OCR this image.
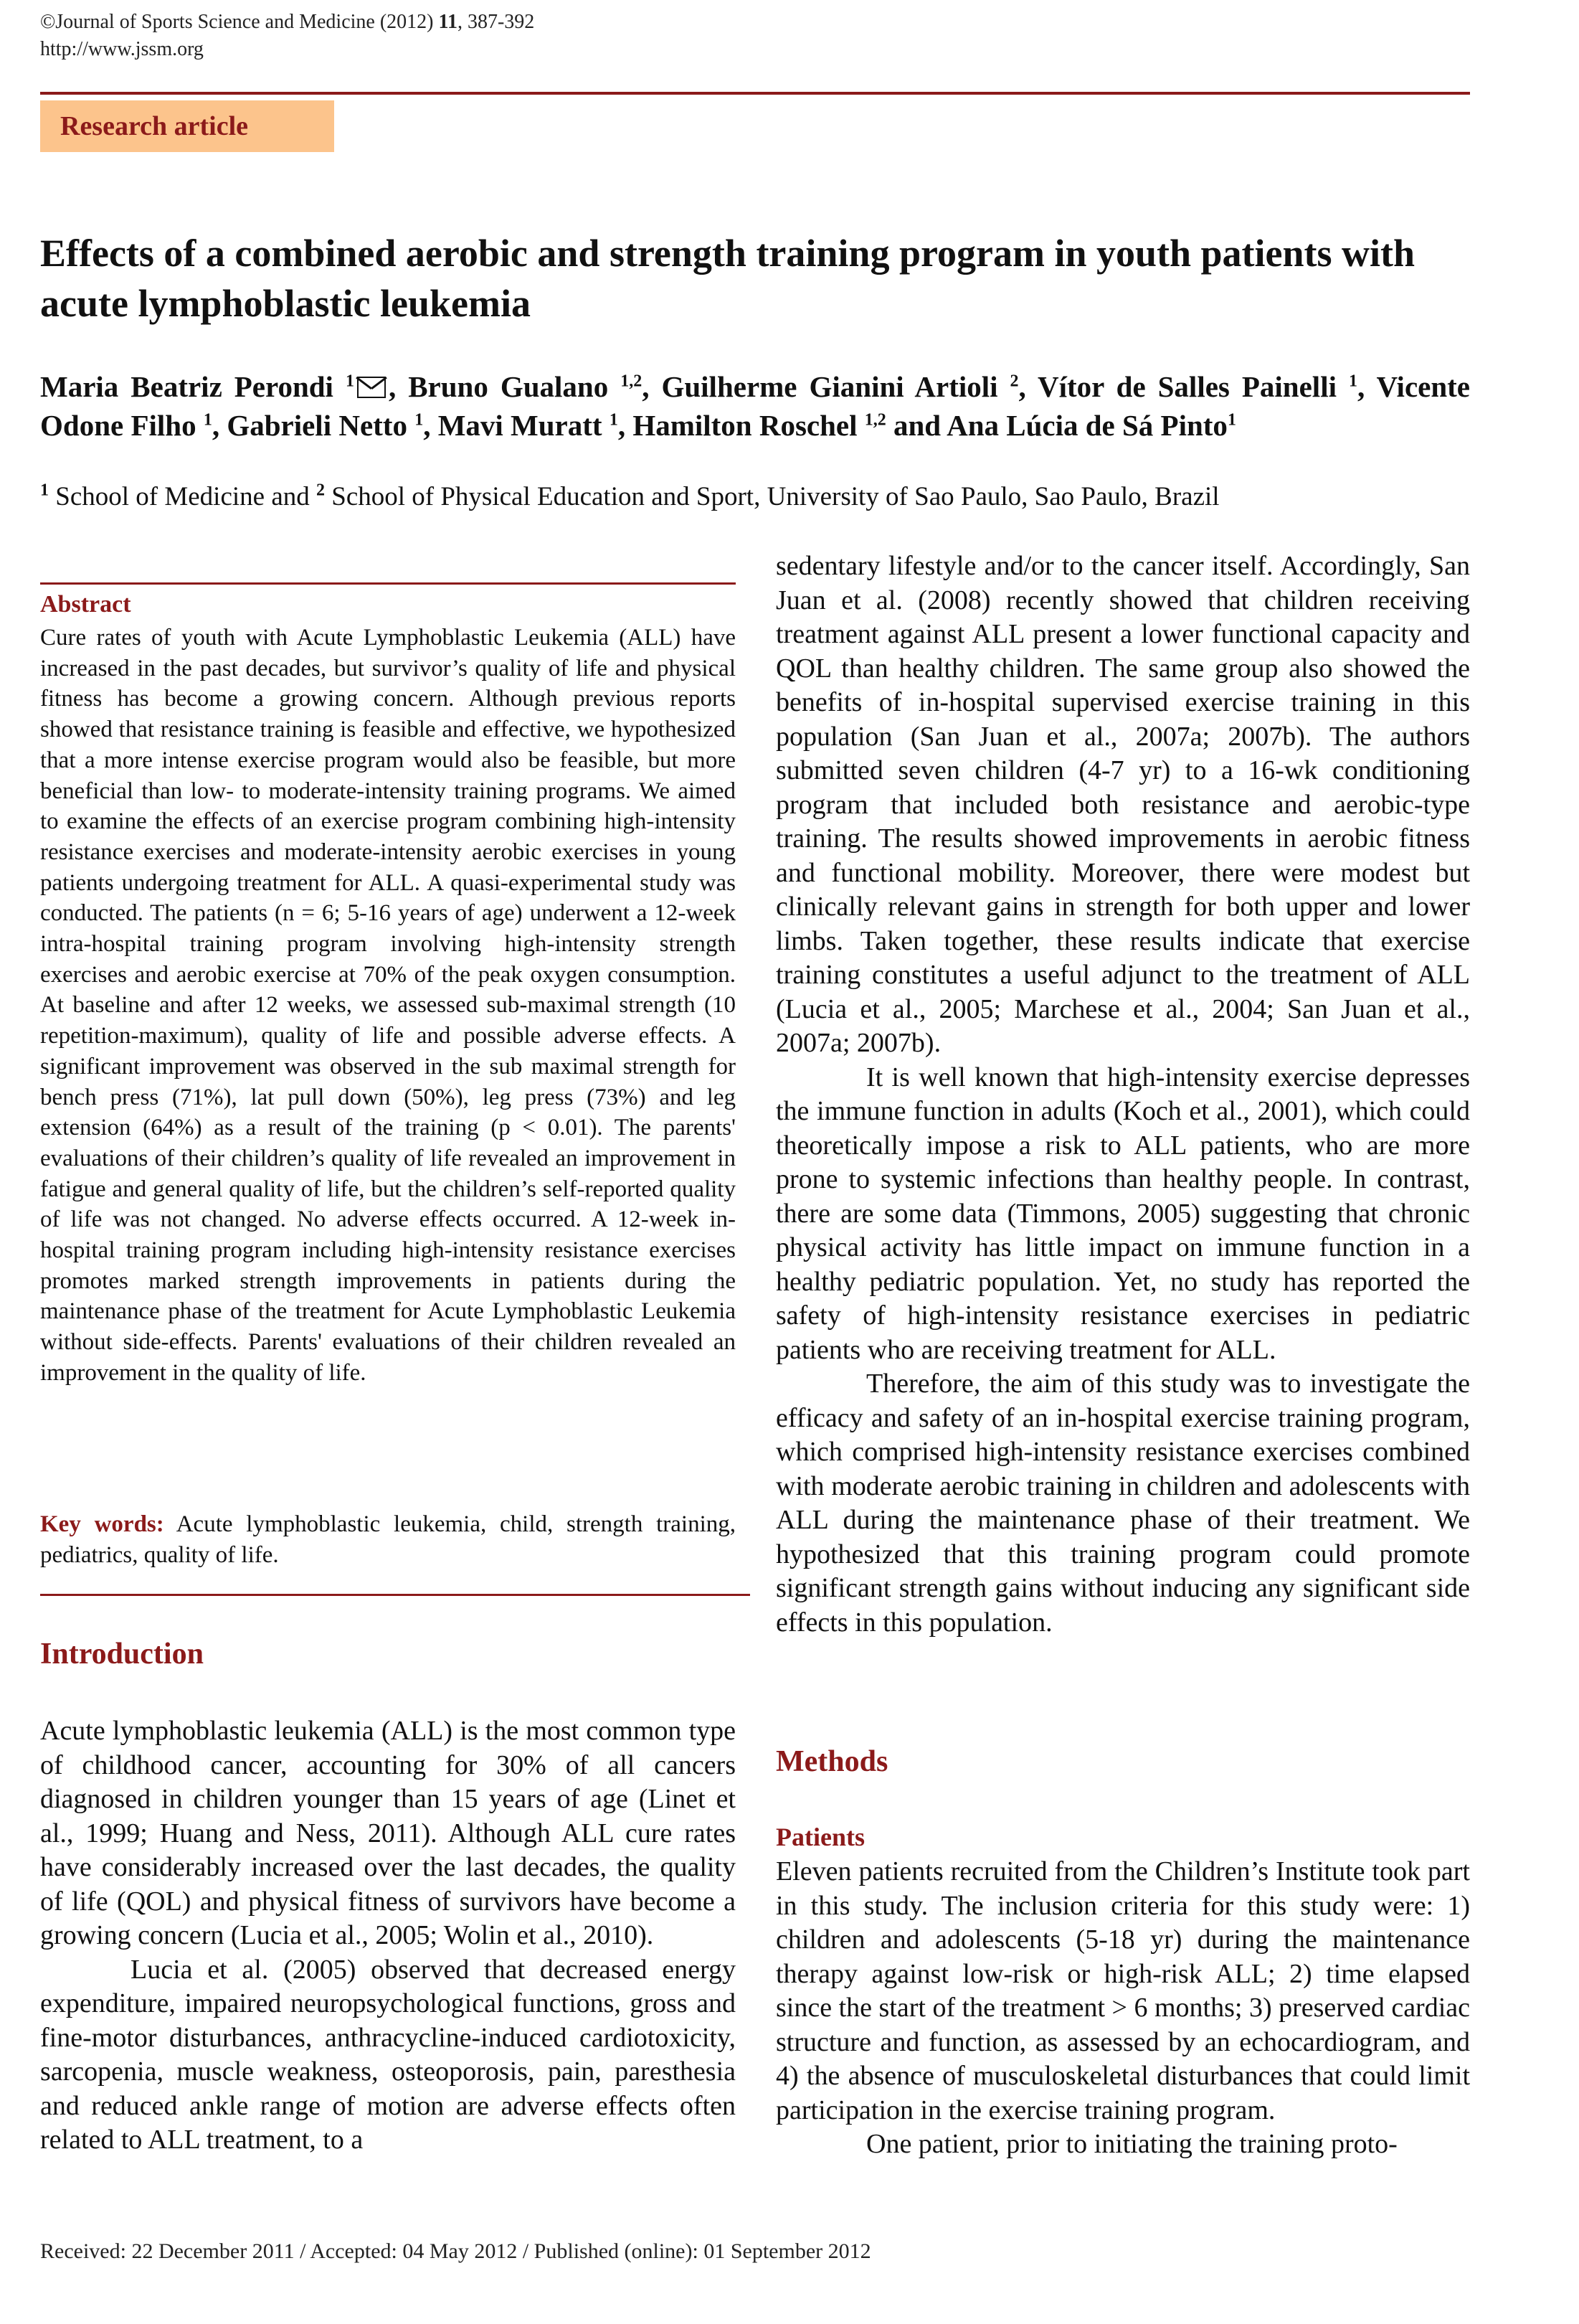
©Journal of Sports Science and Medicine (2012) 11, 387-392
http://www.jssm.org
Research article
Effects of a combined aerobic and strength training program in youth patients with acute lymphoblastic leukemia
Maria Beatriz Perondi $^1$ , Bruno Gualano $^{1,2}$, Guilherme Gianini Artioli $^2$, Vítor de Salles Painelli $^1$, Vicente Odone Filho $^1$, Gabrieli Netto $^1$, Mavi Muratt $^1$, Hamilton Roschel $^{1,2}$ and Ana Lúcia de Sá Pinto$^1$
$^1$ School of Medicine and $^2$ School of Physical Education and Sport, University of Sao Paulo, Sao Paulo, Brazil
Abstract
Cure rates of youth with Acute Lymphoblastic Leukemia (ALL) have increased in the past decades, but survivor’s quality of life and physical fitness has become a growing concern. Although previous reports showed that resistance training is feasible and effective, we hypothesized that a more intense exercise program would also be feasible, but more beneficial than low- to moderate-intensity training programs. We aimed to examine the effects of an exercise program combining high-intensity resistance exercises and moderate-intensity aerobic exercises in young patients undergoing treatment for ALL. A quasi-experimental study was conducted. The patients (n = 6; 5-16 years of age) underwent a 12-week intra-hospital training program involving high-intensity strength exercises and aerobic exercise at 70% of the peak oxygen consumption. At baseline and after 12 weeks, we assessed sub-maximal strength (10 repetition-maximum), quality of life and possible adverse effects. A significant improvement was observed in the sub maximal strength for bench press (71%), lat pull down (50%), leg press (73%) and leg extension (64%) as a result of the training (p < 0.01). The parents' evaluations of their children’s quality of life revealed an improvement in fatigue and general quality of life, but the children’s self-reported quality of life was not changed. No adverse effects occurred. A 12-week in-hospital training program including high-intensity resistance exercises promotes marked strength improvements in patients during the maintenance phase of the treatment for Acute Lymphoblastic Leukemia without side-effects. Parents' evaluations of their children revealed an improvement in the quality of life.
Key words: Acute lymphoblastic leukemia, child, strength training, pediatrics, quality of life.
Introduction

Acute lymphoblastic leukemia (ALL) is the most common type of childhood cancer, accounting for 30% of all cancers diagnosed in children younger than 15 years of age (Linet et al., 1999; Huang and Ness, 2011). Although ALL cure rates have considerably increased over the last decades, the quality of life (QOL) and physical fitness of survivors have become a growing concern (Lucia et al., 2005; Wolin et al., 2010).

Lucia et al. (2005) observed that decreased energy expenditure, impaired neuropsychological functions, gross and fine-motor disturbances, anthracycline-induced cardiotoxicity, sarcopenia, muscle weakness, osteoporosis, pain, paresthesia and reduced ankle range of motion are adverse effects often related to ALL treatment, to a

sedentary lifestyle and/or to the cancer itself. Accordingly, San Juan et al. (2008) recently showed that children receiving treatment against ALL present a lower functional capacity and QOL than healthy children. The same group also showed the benefits of in-hospital supervised exercise training in this population (San Juan et al., 2007a; 2007b). The authors submitted seven children (4-7 yr) to a 16-wk conditioning program that included both resistance and aerobic-type training. The results showed improvements in aerobic fitness and functional mobility. Moreover, there were modest but clinically relevant gains in strength for both upper and lower limbs. Taken together, these results indicate that exercise training constitutes a useful adjunct to the treatment of ALL (Lucia et al., 2005; Marchese et al., 2004; San Juan et al., 2007a; 2007b).

It is well known that high-intensity exercise depresses the immune function in adults (Koch et al., 2001), which could theoretically impose a risk to ALL patients, who are more prone to systemic infections than healthy people. In contrast, there are some data (Timmons, 2005) suggesting that chronic physical activity has little impact on immune function in a healthy pediatric population. Yet, no study has reported the safety of high-intensity resistance exercises in pediatric patients who are receiving treatment for ALL.

Therefore, the aim of this study was to investigate the efficacy and safety of an in-hospital exercise training program, which comprised high-intensity resistance exercises combined with moderate aerobic training in children and adolescents with ALL during the maintenance phase of their treatment. We hypothesized that this training program could promote significant strength gains without inducing any significant side effects in this population.

Methods
Patients

Eleven patients recruited from the Children’s Institute took part in this study. The inclusion criteria for this study were: 1) children and adolescents (5-18 yr) during the maintenance therapy against low-risk or high-risk ALL; 2) time elapsed since the start of the treatment > 6 months; 3) preserved cardiac structure and function, as assessed by an echocardiogram, and 4) the absence of musculoskeletal disturbances that could limit participation in the exercise training program.

One patient, prior to initiating the training proto-

Received: 22 December 2011 / Accepted: 04 May 2012 / Published (online): 01 September 2012
